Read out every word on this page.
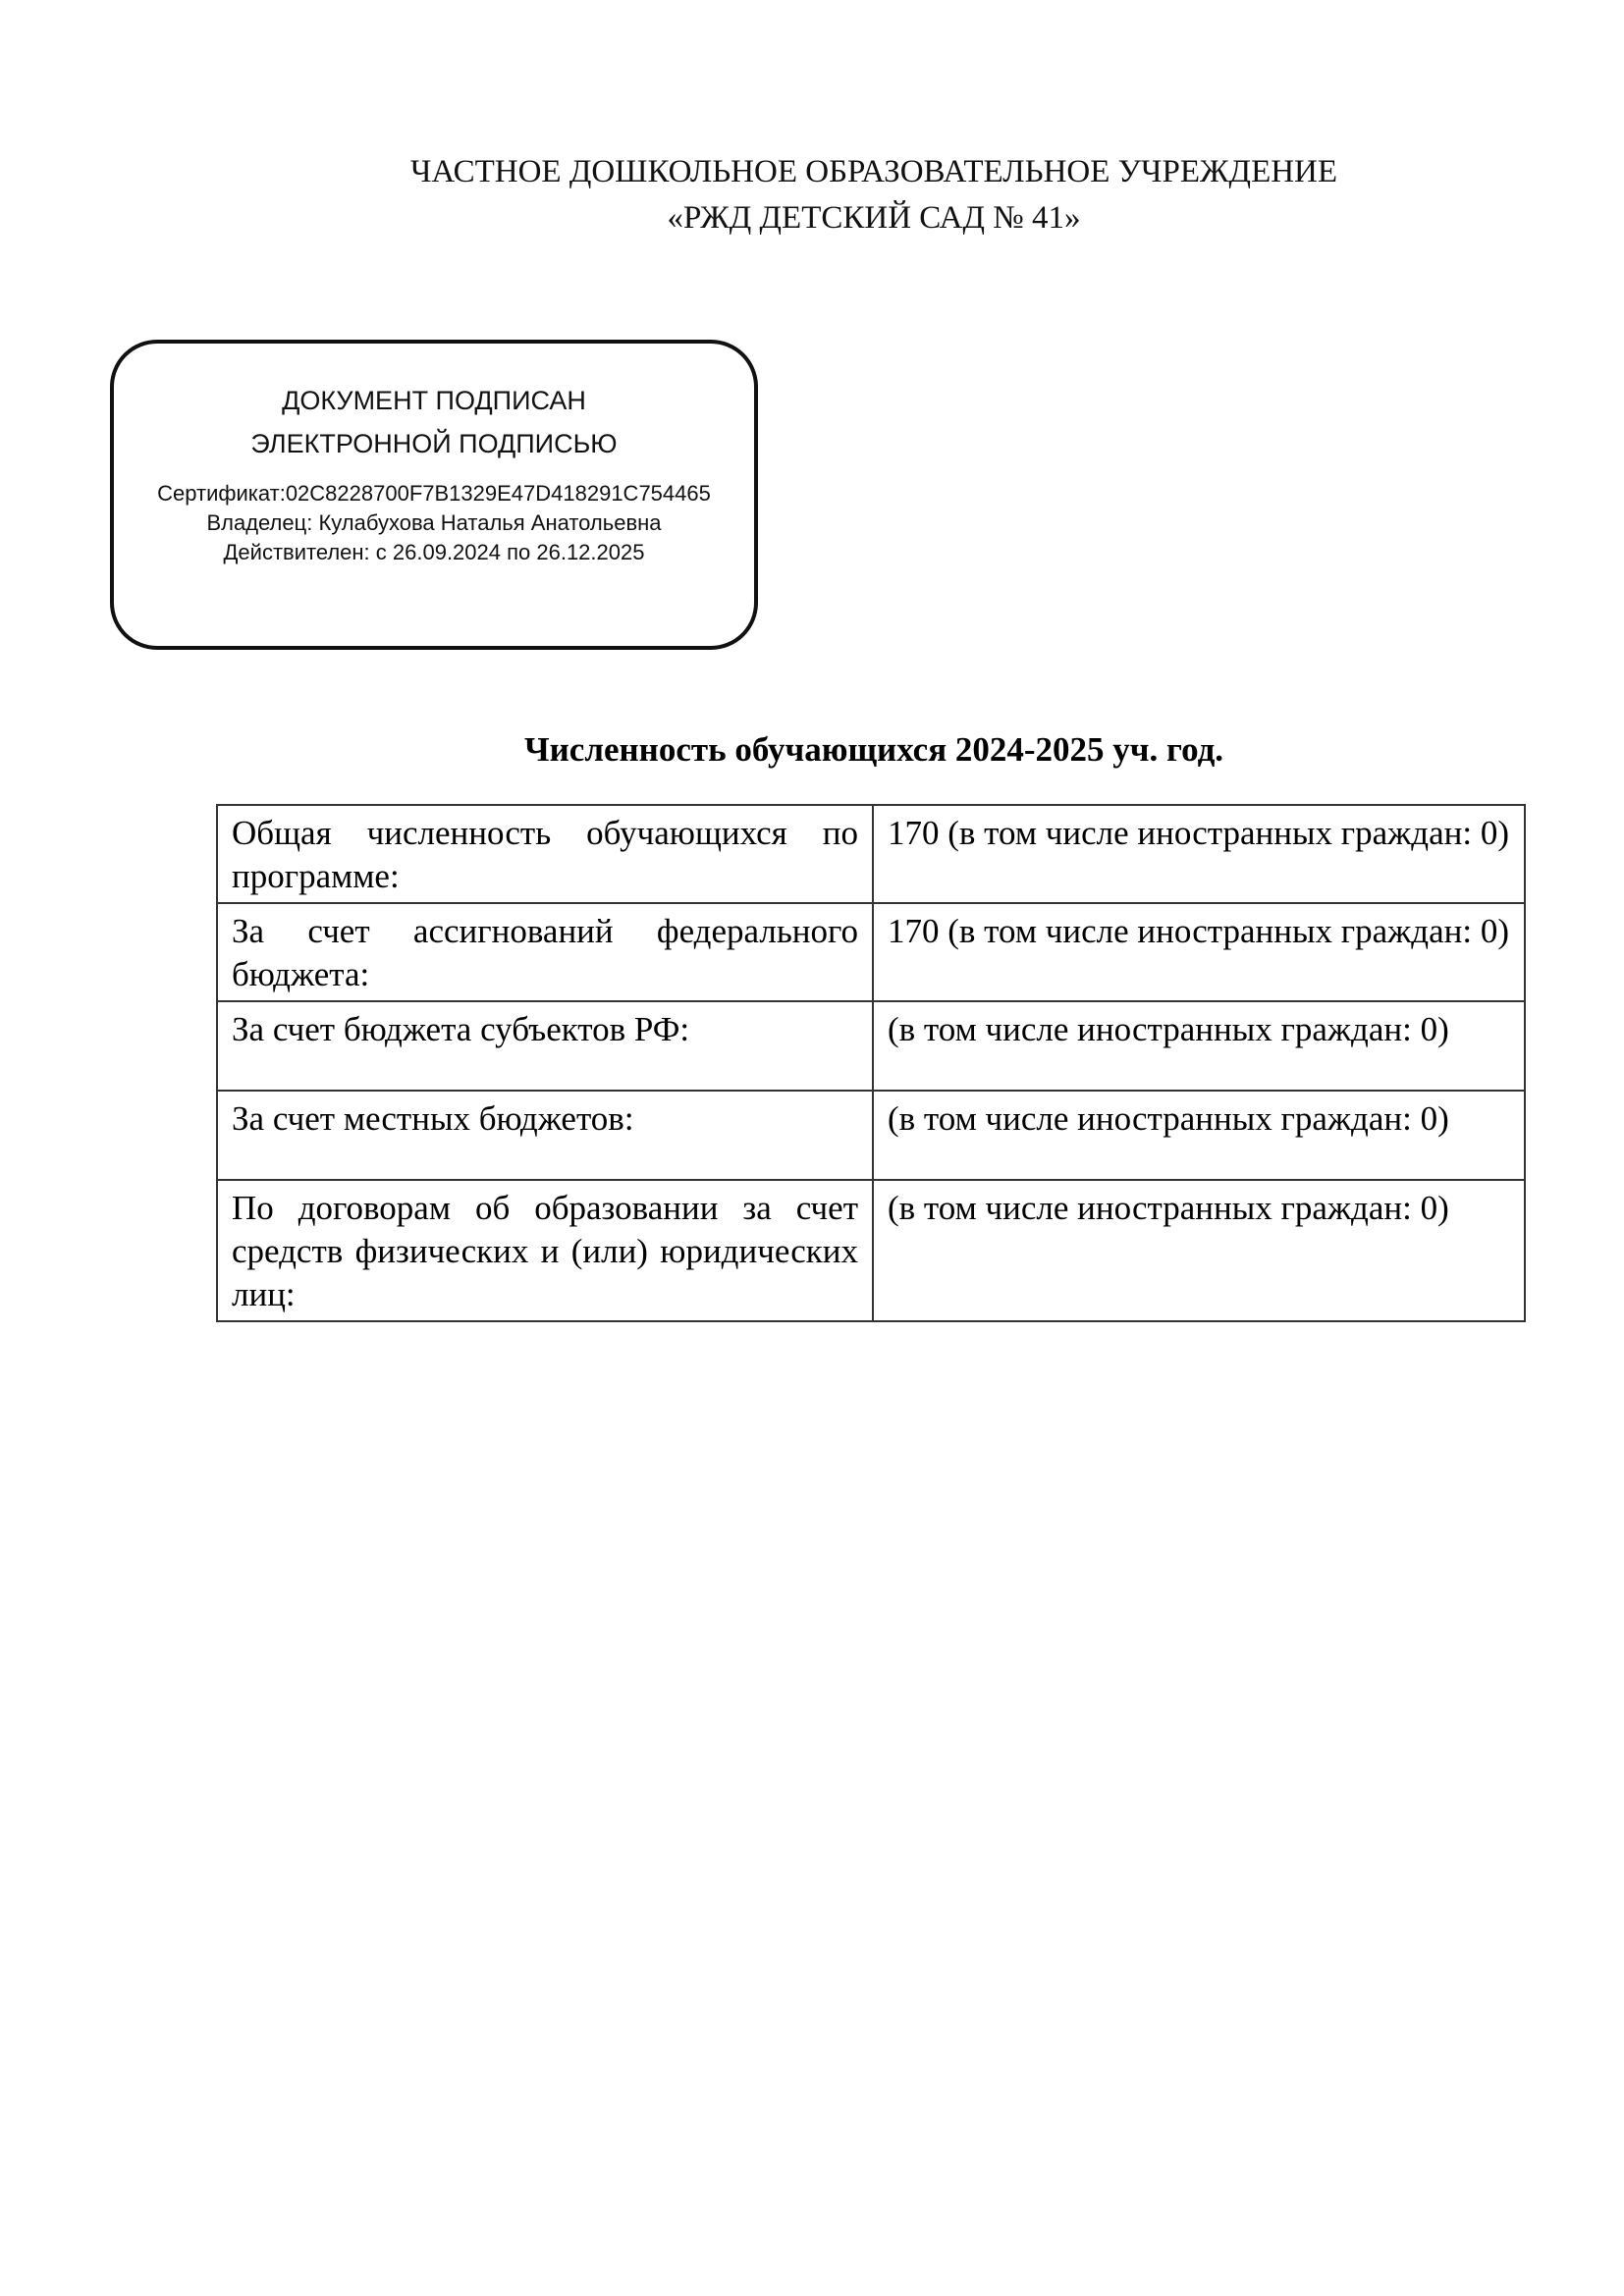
ЧАСТНОЕ ДОШКОЛЬНОЕ ОБРАЗОВАТЕЛЬНОЕ УЧРЕЖДЕНИЕ
«РЖД ДЕТСКИЙ САД № 41»
ДОКУМЕНТ ПОДПИСАН
ЭЛЕКТРОННОЙ ПОДПИСЬЮ
Сертификат:02C8228700F7B1329E47D418291C754465
Владелец: Кулабухова Наталья Анатольевна
Действителен: с 26.09.2024 по 26.12.2025
Численность обучающихся 2024-2025 уч. год.
Общая численность обучающихся по программе:	170 (в том числе иностранных граждан: 0)
За счет ассигнований федерального бюджета:	170 (в том числе иностранных граждан: 0)
За счет бюджета субъектов РФ:	(в том числе иностранных граждан: 0)
За счет местных бюджетов:	(в том числе иностранных граждан: 0)
По договорам об образовании за счет средств физических и (или) юридических лиц:	(в том числе иностранных граждан: 0)
